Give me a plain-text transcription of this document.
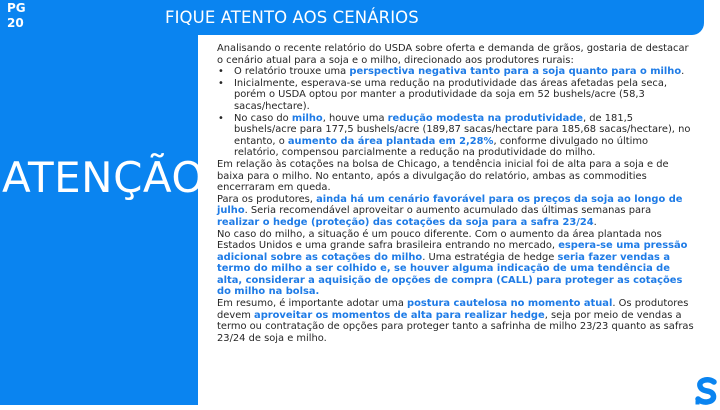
FIQUE ATENTO AOS CENÁRIOS
PG
20
ATENÇÃO

Analisando o recente relatório do USDA sobre oferta e demanda de grãos, gostaria de destacar o cenário atual para a soja e o milho, direcionado aos produtores rurais:

• O relatório trouxe uma perspectiva negativa tanto para a soja quanto para o milho.
• Inicialmente, esperava-se uma redução na produtividade das áreas afetadas pela seca, porém o USDA optou por manter a produtividade da soja em 52 bushels/acre (58,3 sacas/hectare).
• No caso do milho, houve uma redução modesta na produtividade, de 181,5 bushels/acre para 177,5 bushels/acre (189,87 sacas/hectare para 185,68 sacas/hectare), no entanto, o aumento da área plantada em 2,28%, conforme divulgado no último relatório, compensou parcialmente a redução na produtividade do milho.

Em relação às cotações na bolsa de Chicago, a tendência inicial foi de alta para a soja e de baixa para o milho. No entanto, após a divulgação do relatório, ambas as commodities encerraram em queda.

Para os produtores, ainda há um cenário favorável para os preços da soja ao longo de julho. Seria recomendável aproveitar o aumento acumulado das últimas semanas para realizar o hedge (proteção) das cotações da soja para a safra 23/24.

No caso do milho, a situação é um pouco diferente. Com o aumento da área plantada nos Estados Unidos e uma grande safra brasileira entrando no mercado, espera-se uma pressão adicional sobre as cotações do milho. Uma estratégia de hedge seria fazer vendas a termo do milho a ser colhido e, se houver alguma indicação de uma tendência de alta, considerar a aquisição de opções de compra (CALL) para proteger as cotações do milho na bolsa.

Em resumo, é importante adotar uma postura cautelosa no momento atual. Os produtores devem aproveitar os momentos de alta para realizar hedge, seja por meio de vendas a termo ou contratação de opções para proteger tanto a safrinha de milho 23/23 quanto as safras 23/24 de soja e milho.
